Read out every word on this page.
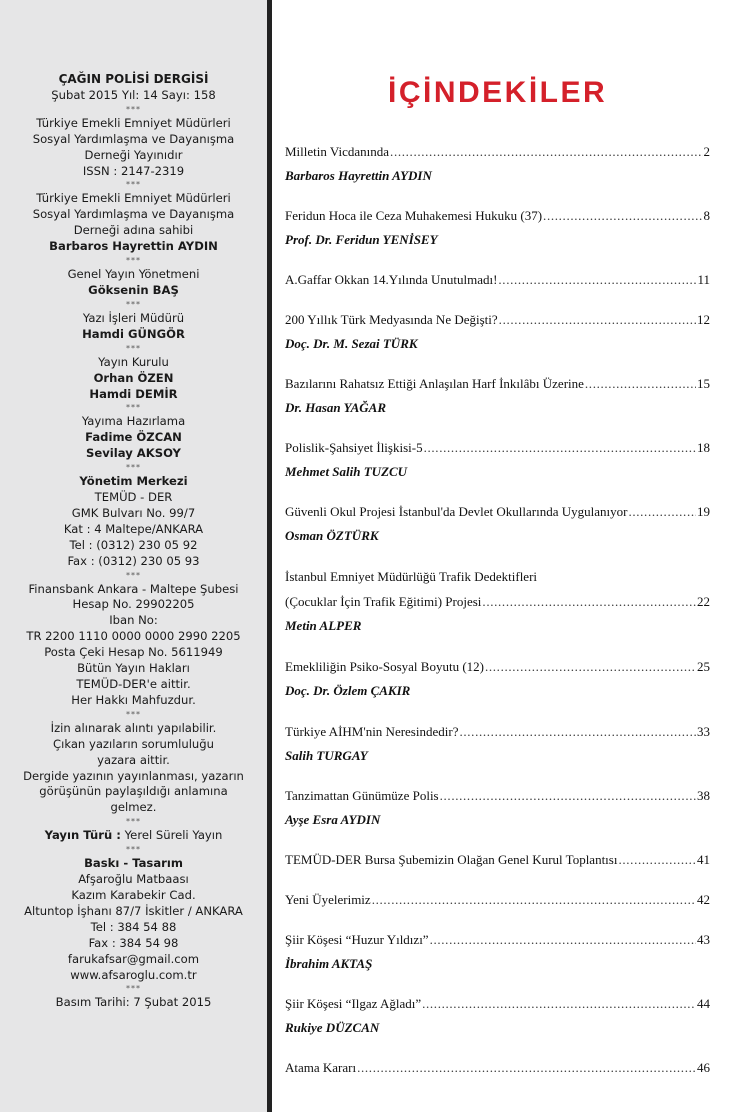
ÇAĞIN POLİSİ DERGİSİ
Şubat 2015 Yıl: 14 Sayı: 158
***
Türkiye Emekli Emniyet Müdürleri
Sosyal Yardımlaşma ve Dayanışma
Derneği Yayınıdır
ISSN : 2147-2319
***
Türkiye Emekli Emniyet Müdürleri
Sosyal Yardımlaşma ve Dayanışma
Derneği adına sahibi
Barbaros Hayrettin AYDIN
***
Genel Yayın Yönetmeni
Göksenin BAŞ
***
Yazı İşleri Müdürü
Hamdi GÜNGÖR
***
Yayın Kurulu
Orhan ÖZEN
Hamdi DEMİR
***
Yayıma Hazırlama
Fadime ÖZCAN
Sevilay AKSOY
***
Yönetim Merkezi
TEMÜD - DER
GMK Bulvarı No. 99/7
Kat : 4 Maltepe/ANKARA
Tel : (0312) 230 05 92
Fax : (0312) 230 05 93
***
Finansbank Ankara - Maltepe Şubesi
Hesap No. 29902205
Iban No:
TR 2200 1110 0000 0000 2990 2205
Posta Çeki Hesap No. 5611949
Bütün Yayın Hakları
TEMÜD-DER'e aittir.
Her Hakkı Mahfuzdur.
***
İzin alınarak alıntı yapılabilir.
Çıkan yazıların sorumluluğu
yazara aittir.
Dergide yazının yayınlanması, yazarın
görüşünün paylaşıldığı anlamına
gelmez.
***
Yayın Türü : Yerel Süreli Yayın
***
Baskı - Tasarım
Afşaroğlu Matbaası
Kazım Karabekir Cad.
Altuntop İşhanı 87/7 İskitler / ANKARA
Tel : 384 54 88
Fax : 384 54 98
farukafsar@gmail.com
www.afsaroglu.com.tr
***
Basım Tarihi: 7 Şubat 2015
İÇİNDEKİLER
Milletin Vicdanında . . .	2
Barbaros Hayrettin AYDIN
Feridun Hoca ile Ceza Muhakemesi Hukuku (37) . . .	8
Prof. Dr. Feridun YENİSEY
A.Gaffar Okkan 14.Yılında Unutulmadı! . . .	11
200 Yıllık Türk Medyasında Ne Değişti? . . .	12
Doç. Dr. M. Sezai TÜRK
Bazılarını Rahatsız Ettiği Anlaşılan Harf İnkılâbı Üzerine . . .	15
Dr. Hasan YAĞAR
Polislik-Şahsiyet İlişkisi-5 . . .	18
Mehmet Salih TUZCU
Güvenli Okul Projesi İstanbul'da Devlet Okullarında Uygulanıyor . . .	19
Osman ÖZTÜRK
İstanbul Emniyet Müdürlüğü Trafik Dedektifleri
(Çocuklar İçin Trafik Eğitimi) Projesi . . .	22
Metin ALPER
Emekliliğin Psiko-Sosyal Boyutu (12) . . .	25
Doç. Dr. Özlem ÇAKIR
Türkiye AİHM'nin Neresindedir? . . .	33
Salih TURGAY
Tanzimattan Günümüze Polis . . .	38
Ayşe Esra AYDIN
TEMÜD-DER Bursa Şubemizin Olağan Genel Kurul Toplantısı . . .	41
Yeni Üyelerimiz . . .	42
Şiir Köşesi “Huzur Yıldızı” . . .	43
İbrahim AKTAŞ
Şiir Köşesi “Ilgaz Ağladı” . . .	44
Rukiye DÜZCAN
Atama Kararı . . .	46
